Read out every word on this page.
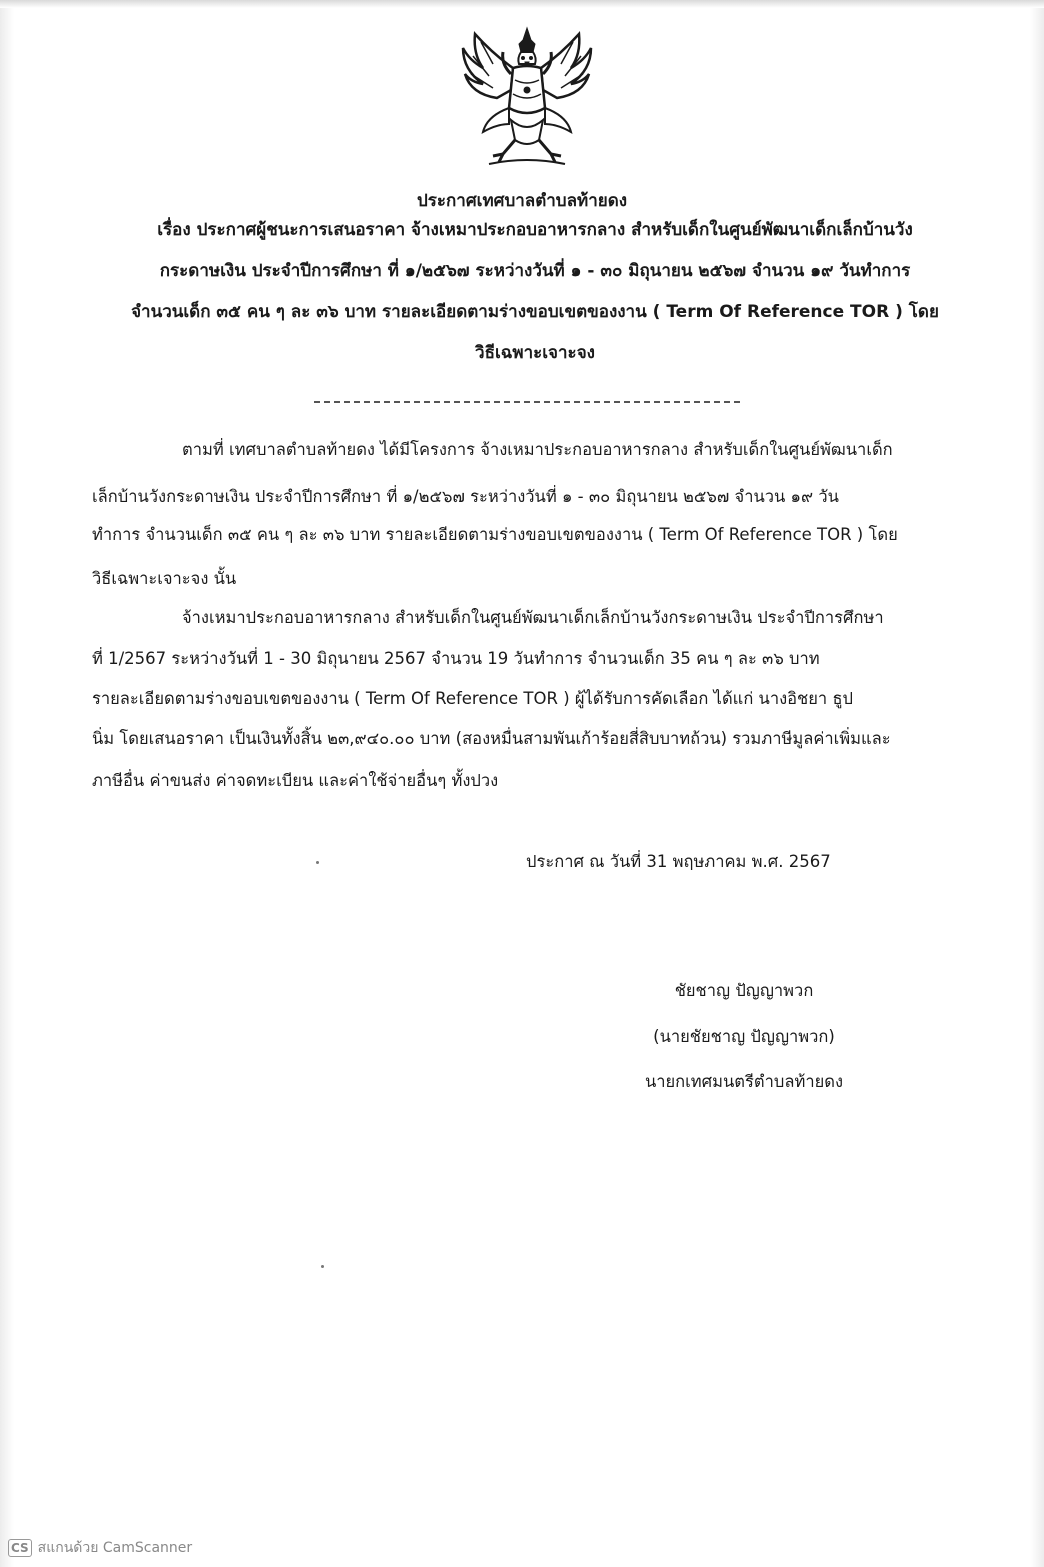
ประกาศเทศบาลตำบลท้ายดง
เรื่อง ประกาศผู้ชนะการเสนอราคา จ้างเหมาประกอบอาหารกลาง สำหรับเด็กในศูนย์พัฒนาเด็กเล็กบ้านวัง
กระดาษเงิน ประจำปีการศึกษา ที่ ๑/๒๕๖๗ ระหว่างวันที่ ๑ - ๓๐ มิถุนายน ๒๕๖๗ จำนวน ๑๙ วันทำการ
จำนวนเด็ก ๓๕ คน ๆ ละ ๓๖ บาท รายละเอียดตามร่างขอบเขตของงาน ( Term Of Reference TOR ) โดย
วิธีเฉพาะเจาะจง
ตามที่ เทศบาลตำบลท้ายดง ได้มีโครงการ จ้างเหมาประกอบอาหารกลาง สำหรับเด็กในศูนย์พัฒนาเด็ก
เล็กบ้านวังกระดาษเงิน ประจำปีการศึกษา ที่ ๑/๒๕๖๗ ระหว่างวันที่ ๑ - ๓๐ มิถุนายน ๒๕๖๗ จำนวน ๑๙ วัน
ทำการ จำนวนเด็ก ๓๕ คน ๆ ละ ๓๖ บาท รายละเอียดตามร่างขอบเขตของงาน ( Term Of Reference TOR ) โดย
วิธีเฉพาะเจาะจง นั้น
จ้างเหมาประกอบอาหารกลาง สำหรับเด็กในศูนย์พัฒนาเด็กเล็กบ้านวังกระดาษเงิน ประจำปีการศึกษา
ที่ 1/2567 ระหว่างวันที่ 1 - 30 มิถุนายน 2567 จำนวน 19 วันทำการ จำนวนเด็ก 35 คน ๆ ละ ๓๖ บาท
รายละเอียดตามร่างขอบเขตของงาน ( Term Of Reference TOR ) ผู้ได้รับการคัดเลือก ได้แก่ นางอิชยา ธูป
นิ่ม โดยเสนอราคา เป็นเงินทั้งสิ้น ๒๓,๙๔๐.๐๐ บาท (สองหมื่นสามพันเก้าร้อยสี่สิบบาทถ้วน) รวมภาษีมูลค่าเพิ่มและ
ภาษีอื่น ค่าขนส่ง ค่าจดทะเบียน และค่าใช้จ่ายอื่นๆ ทั้งปวง
ประกาศ ณ วันที่ 31 พฤษภาคม พ.ศ. 2567
ชัยชาญ ปัญญาพวก
(นายชัยชาญ ปัญญาพวก)
นายกเทศมนตรีตำบลท้ายดง
CS สแกนด้วย CamScanner
